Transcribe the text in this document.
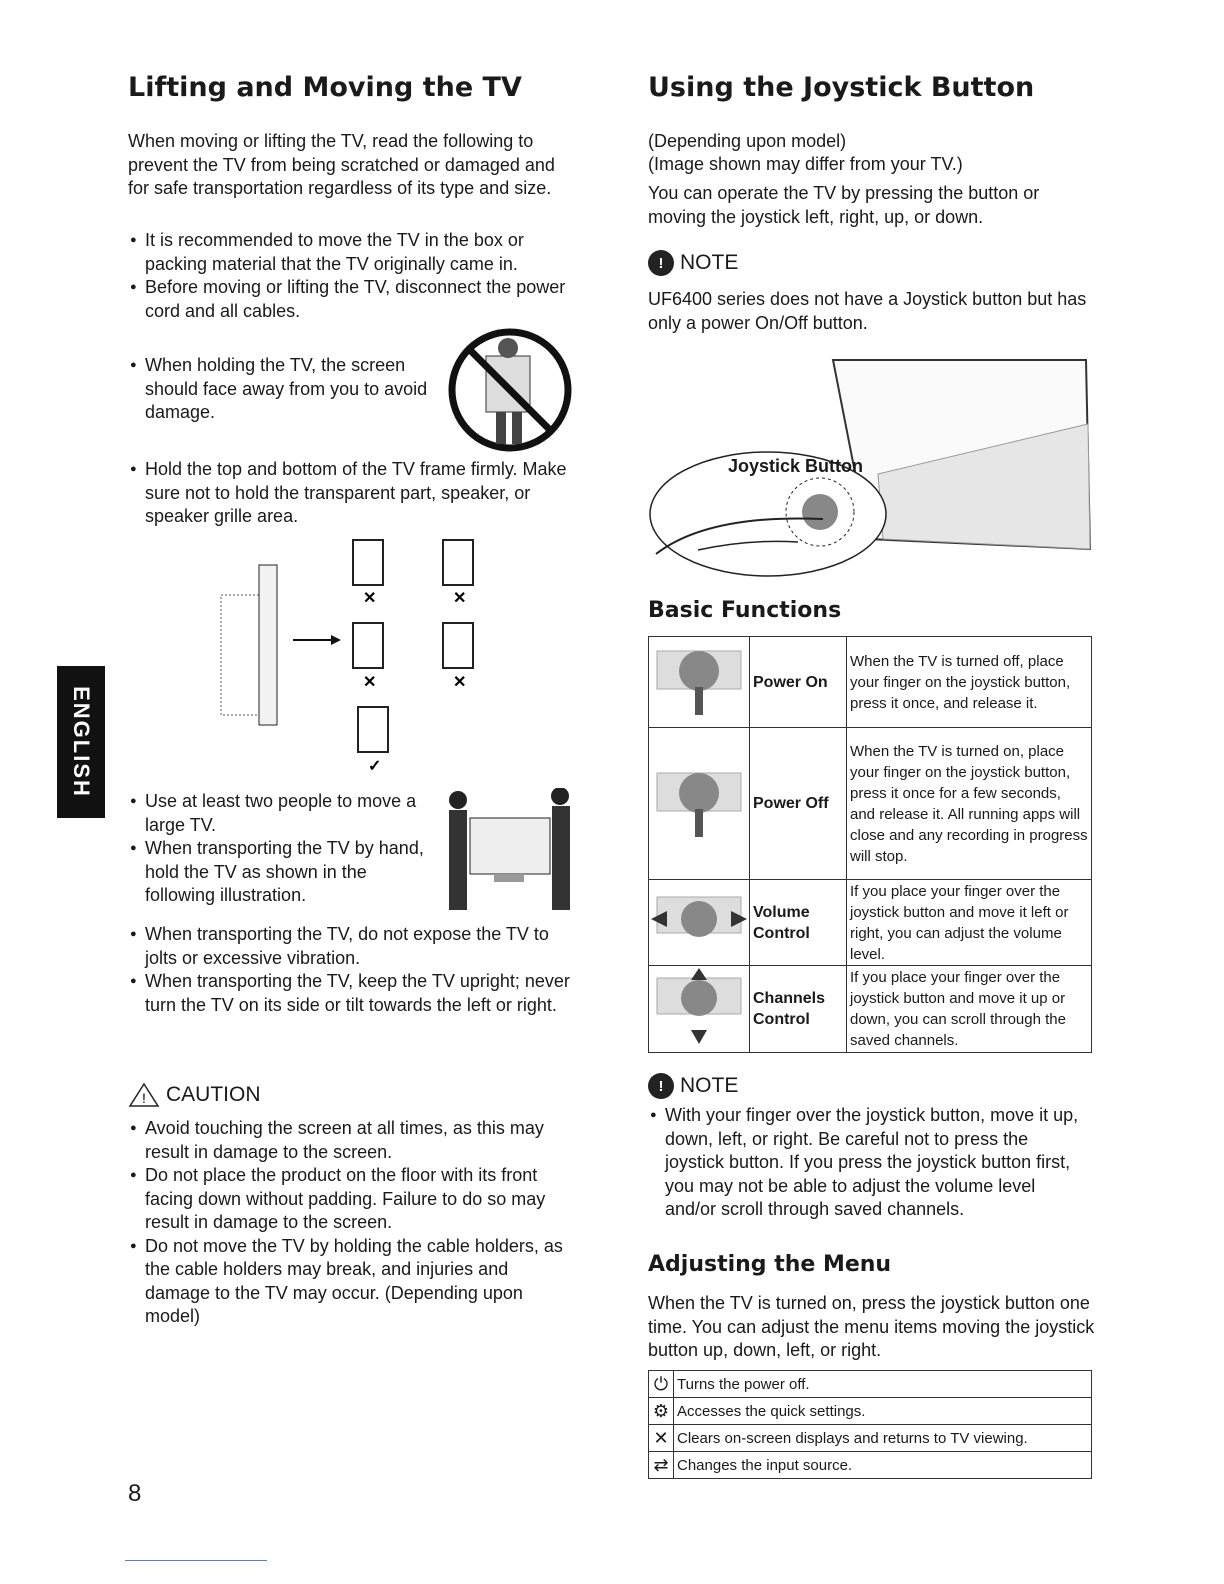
ENGLISH
Lifting and Moving the TV

When moving or lifting the TV, read the following to prevent the TV from being scratched or damaged and for safe transportation regardless of its type and size.

● It is recommended to move the TV in the box or packing material that the TV originally came in.
● Before moving or lifting the TV, disconnect the power cord and all cables.
● When holding the TV, the screen should face away from you to avoid damage.
● Hold the top and bottom of the TV frame firmly. Make sure not to hold the transparent part, speaker, or speaker grille area.
✕	✕
✕	✕
✓
● Use at least two people to move a large TV.
● When transporting the TV by hand, hold the TV as shown in the following illustration.
● When transporting the TV, do not expose the TV to jolts or excessive vibration.
● When transporting the TV, keep the TV upright; never turn the TV on its side or tilt towards the left or right.
! CAUTION
● Avoid touching the screen at all times, as this may result in damage to the screen.
● Do not place the product on the floor with its front facing down without padding. Failure to do so may result in damage to the screen.
● Do not move the TV by holding the cable holders, as the cable holders may break, and injuries and damage to the TV may occur. (Depending upon model)
Using the Joystick Button

(Depending upon model)

(Image shown may differ from your TV.)

You can operate the TV by pressing the button or moving the joystick left, right, up, or down.

! NOTE

UF6400 series does not have a Joystick button but has only a power On/Off button.

Joystick Button
Basic Functions
	Power On	When the TV is turned off, place your finger on the joystick button, press it once, and release it.
	Power Off	When the TV is turned on, place your finger on the joystick button, press it once for a few seconds, and release it. All running apps will close and any recording in progress will stop.
	Volume Control	If you place your finger over the joystick button and move it left or right, you can adjust the volume level.
	Channels Control	If you place your finger over the joystick button and move it up or down, you can scroll through the saved channels.
! NOTE
● With your finger over the joystick button, move it up, down, left, or right. Be careful not to press the joystick button. If you press the joystick button first, you may not be able to adjust the volume level and/or scroll through saved channels.
Adjusting the Menu

When the TV is turned on, press the joystick button one time. You can adjust the menu items moving the joystick button up, down, left, or right.

⏻	Turns the power off.
⚙	Accesses the quick settings.
✕	Clears on-screen displays and returns to TV viewing.
⇄	Changes the input source.
8
